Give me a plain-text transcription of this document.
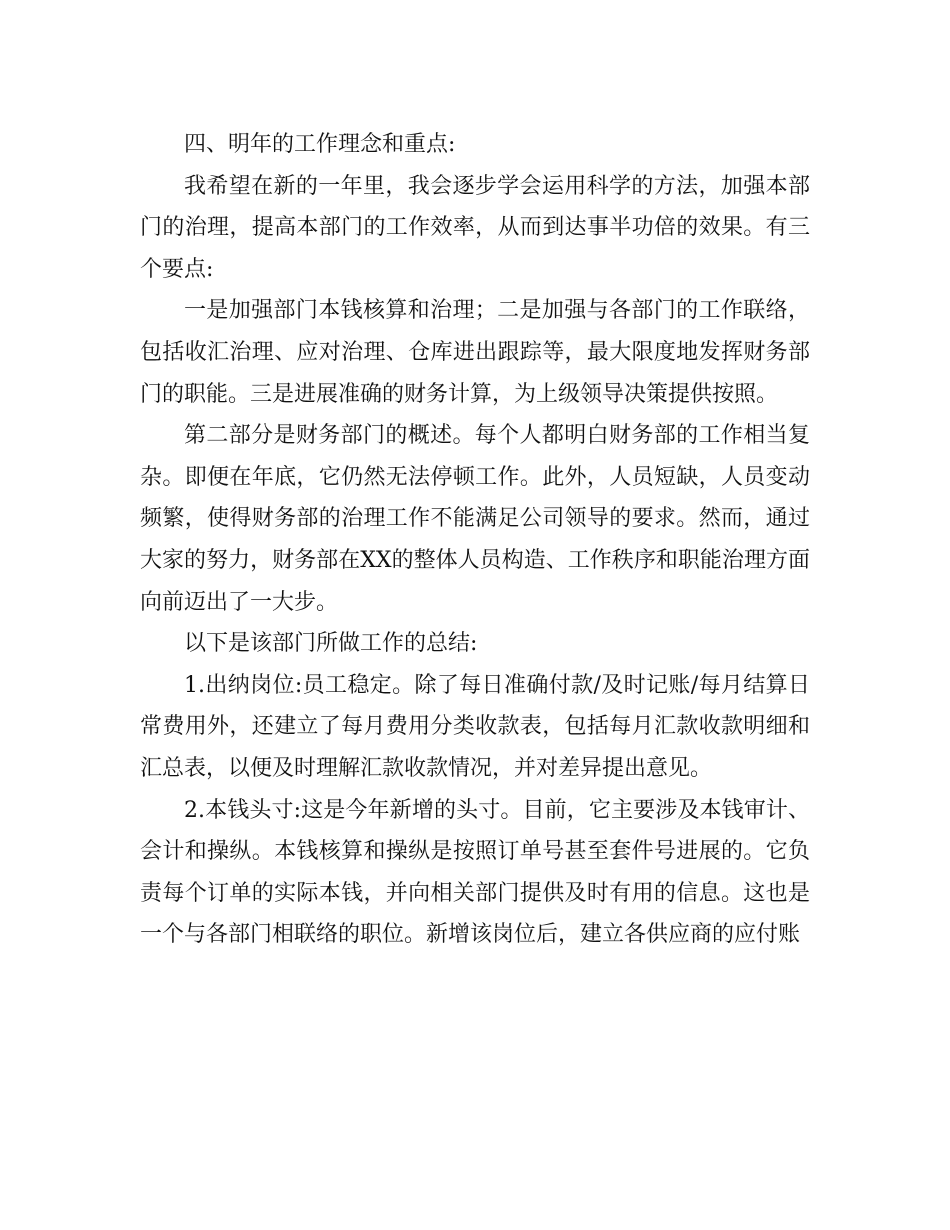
四、明年的工作理念和重点:

我希望在新的一年里，我会逐步学会运用科学的方法，加强本部门的治理，提高本部门的工作效率，从而到达事半功倍的效果。有三个要点:

一是加强部门本钱核算和治理；二是加强与各部门的工作联络，包括收汇治理、应对治理、仓库进出跟踪等，最大限度地发挥财务部门的职能。三是进展准确的财务计算，为上级领导决策提供按照。

第二部分是财务部门的概述。每个人都明白财务部的工作相当复杂。即便在年底，它仍然无法停顿工作。此外，人员短缺，人员变动频繁，使得财务部的治理工作不能满足公司领导的要求。然而，通过大家的努力，财务部在XX的整体人员构造、工作秩序和职能治理方面向前迈出了一大步。

以下是该部门所做工作的总结:

1.出纳岗位:员工稳定。除了每日准确付款/及时记账/每月结算日常费用外，还建立了每月费用分类收款表，包括每月汇款收款明细和汇总表，以便及时理解汇款收款情况，并对差异提出意见。

2.本钱头寸:这是今年新增的头寸。目前，它主要涉及本钱审计、会计和操纵。本钱核算和操纵是按照订单号甚至套件号进展的。它负责每个订单的实际本钱，并向相关部门提供及时有用的信息。这也是一个与各部门相联络的职位。新增该岗位后，建立各供应商的应付账
